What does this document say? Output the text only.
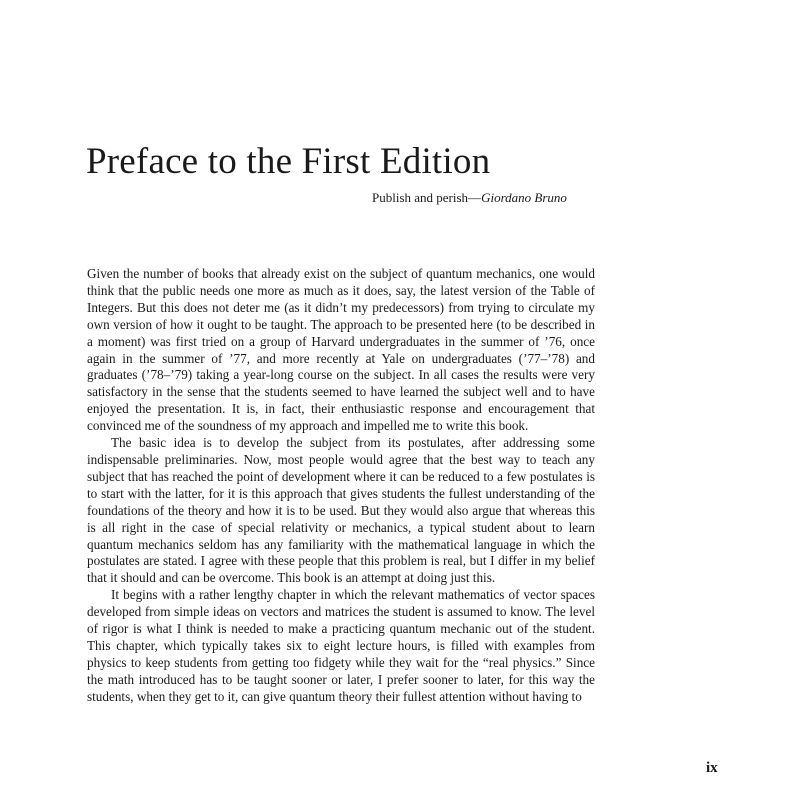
Preface to the First Edition
Publish and perish—Giordano Bruno

Given the number of books that already exist on the subject of quantum mechanics, one would think that the public needs one more as much as it does, say, the latest version of the Table of Integers. But this does not deter me (as it didn’t my predecessors) from trying to circulate my own version of how it ought to be taught. The approach to be presented here (to be described in a moment) was first tried on a group of Harvard undergraduates in the summer of ’76, once again in the summer of ’77, and more recently at Yale on undergraduates (’77–’78) and graduates (’78–’79) taking a year-long course on the subject. In all cases the results were very satisfactory in the sense that the students seemed to have learned the subject well and to have enjoyed the presentation. It is, in fact, their enthusiastic response and encouragement that convinced me of the soundness of my approach and impelled me to write this book.

The basic idea is to develop the subject from its postulates, after addressing some indispensable preliminaries. Now, most people would agree that the best way to teach any subject that has reached the point of development where it can be reduced to a few postulates is to start with the latter, for it is this approach that gives students the fullest understanding of the foundations of the theory and how it is to be used. But they would also argue that whereas this is all right in the case of special relativity or mechanics, a typical student about to learn quantum mechanics seldom has any familiarity with the mathematical language in which the postulates are stated. I agree with these people that this problem is real, but I differ in my belief that it should and can be overcome. This book is an attempt at doing just this.

It begins with a rather lengthy chapter in which the relevant mathematics of vector spaces developed from simple ideas on vectors and matrices the student is assumed to know. The level of rigor is what I think is needed to make a practicing quantum mechanic out of the student. This chapter, which typically takes six to eight lecture hours, is filled with examples from physics to keep students from getting too fidgety while they wait for the “real physics.” Since the math introduced has to be taught sooner or later, I prefer sooner to later, for this way the students, when they get to it, can give quantum theory their fullest attention without having to

ix
